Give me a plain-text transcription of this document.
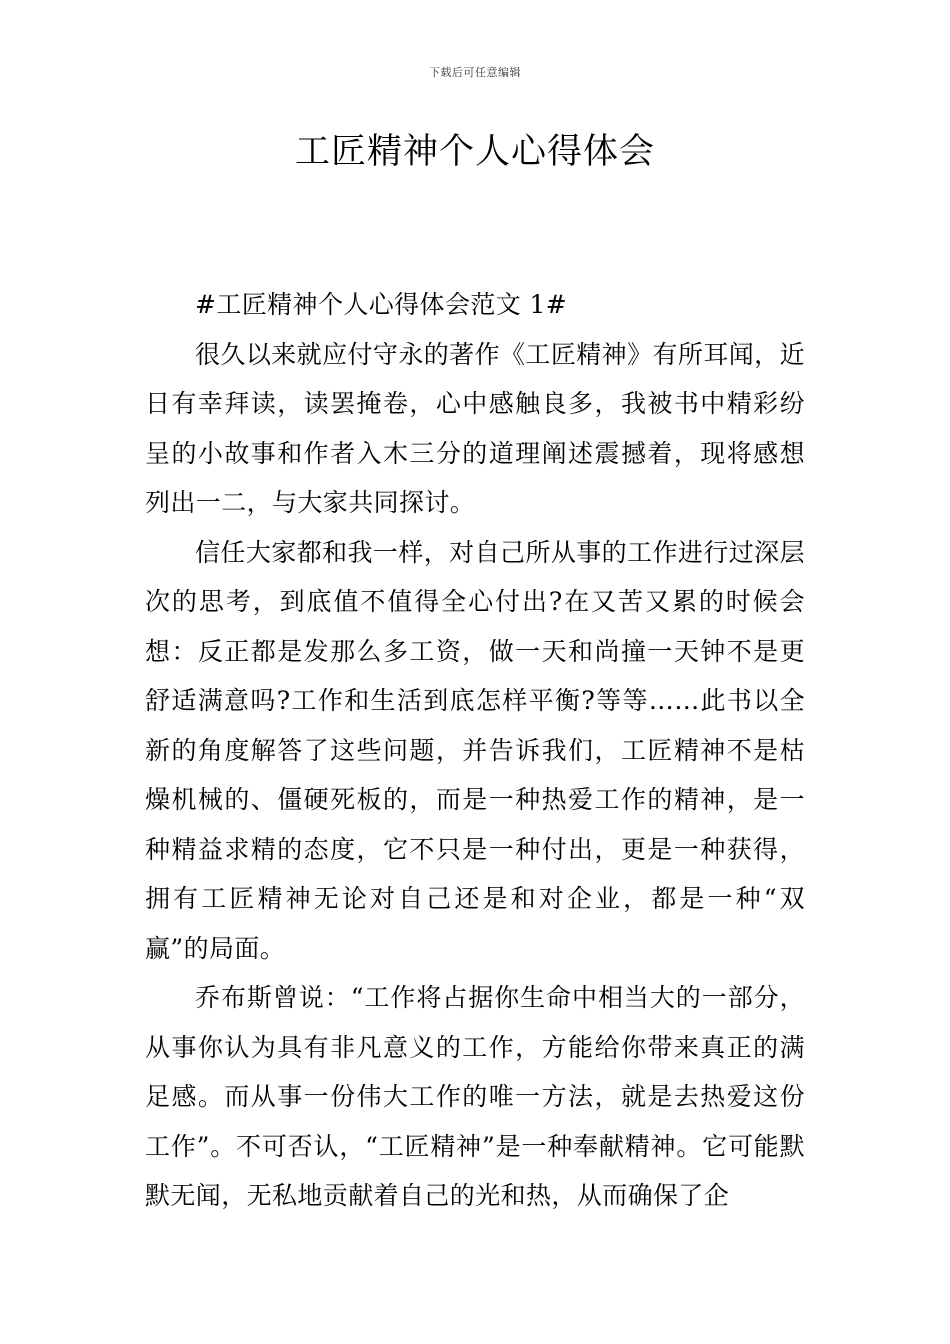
下载后可任意编辑
工匠精神个人心得体会

#工匠精神个人心得体会范文 1#

很久以来就应付守永的著作《工匠精神》有所耳闻，近日有幸拜读，读罢掩卷，心中感触良多，我被书中精彩纷呈的小故事和作者入木三分的道理阐述震撼着，现将感想列出一二，与大家共同探讨。

信任大家都和我一样，对自己所从事的工作进行过深层次的思考，到底值不值得全心付出?在又苦又累的时候会想：反正都是发那么多工资，做一天和尚撞一天钟不是更舒适满意吗?工作和生活到底怎样平衡?等等……此书以全新的角度解答了这些问题，并告诉我们，工匠精神不是枯燥机械的、僵硬死板的，而是一种热爱工作的精神，是一种精益求精的态度，它不只是一种付出，更是一种获得，拥有工匠精神无论对自己还是和对企业，都是一种“双赢”的局面。

乔布斯曾说：“工作将占据你生命中相当大的一部分，从事你认为具有非凡意义的工作，方能给你带来真正的满足感。而从事一份伟大工作的唯一方法，就是去热爱这份工作”。不可否认，“工匠精神”是一种奉献精神。它可能默默无闻，无私地贡献着自己的光和热，从而确保了企
